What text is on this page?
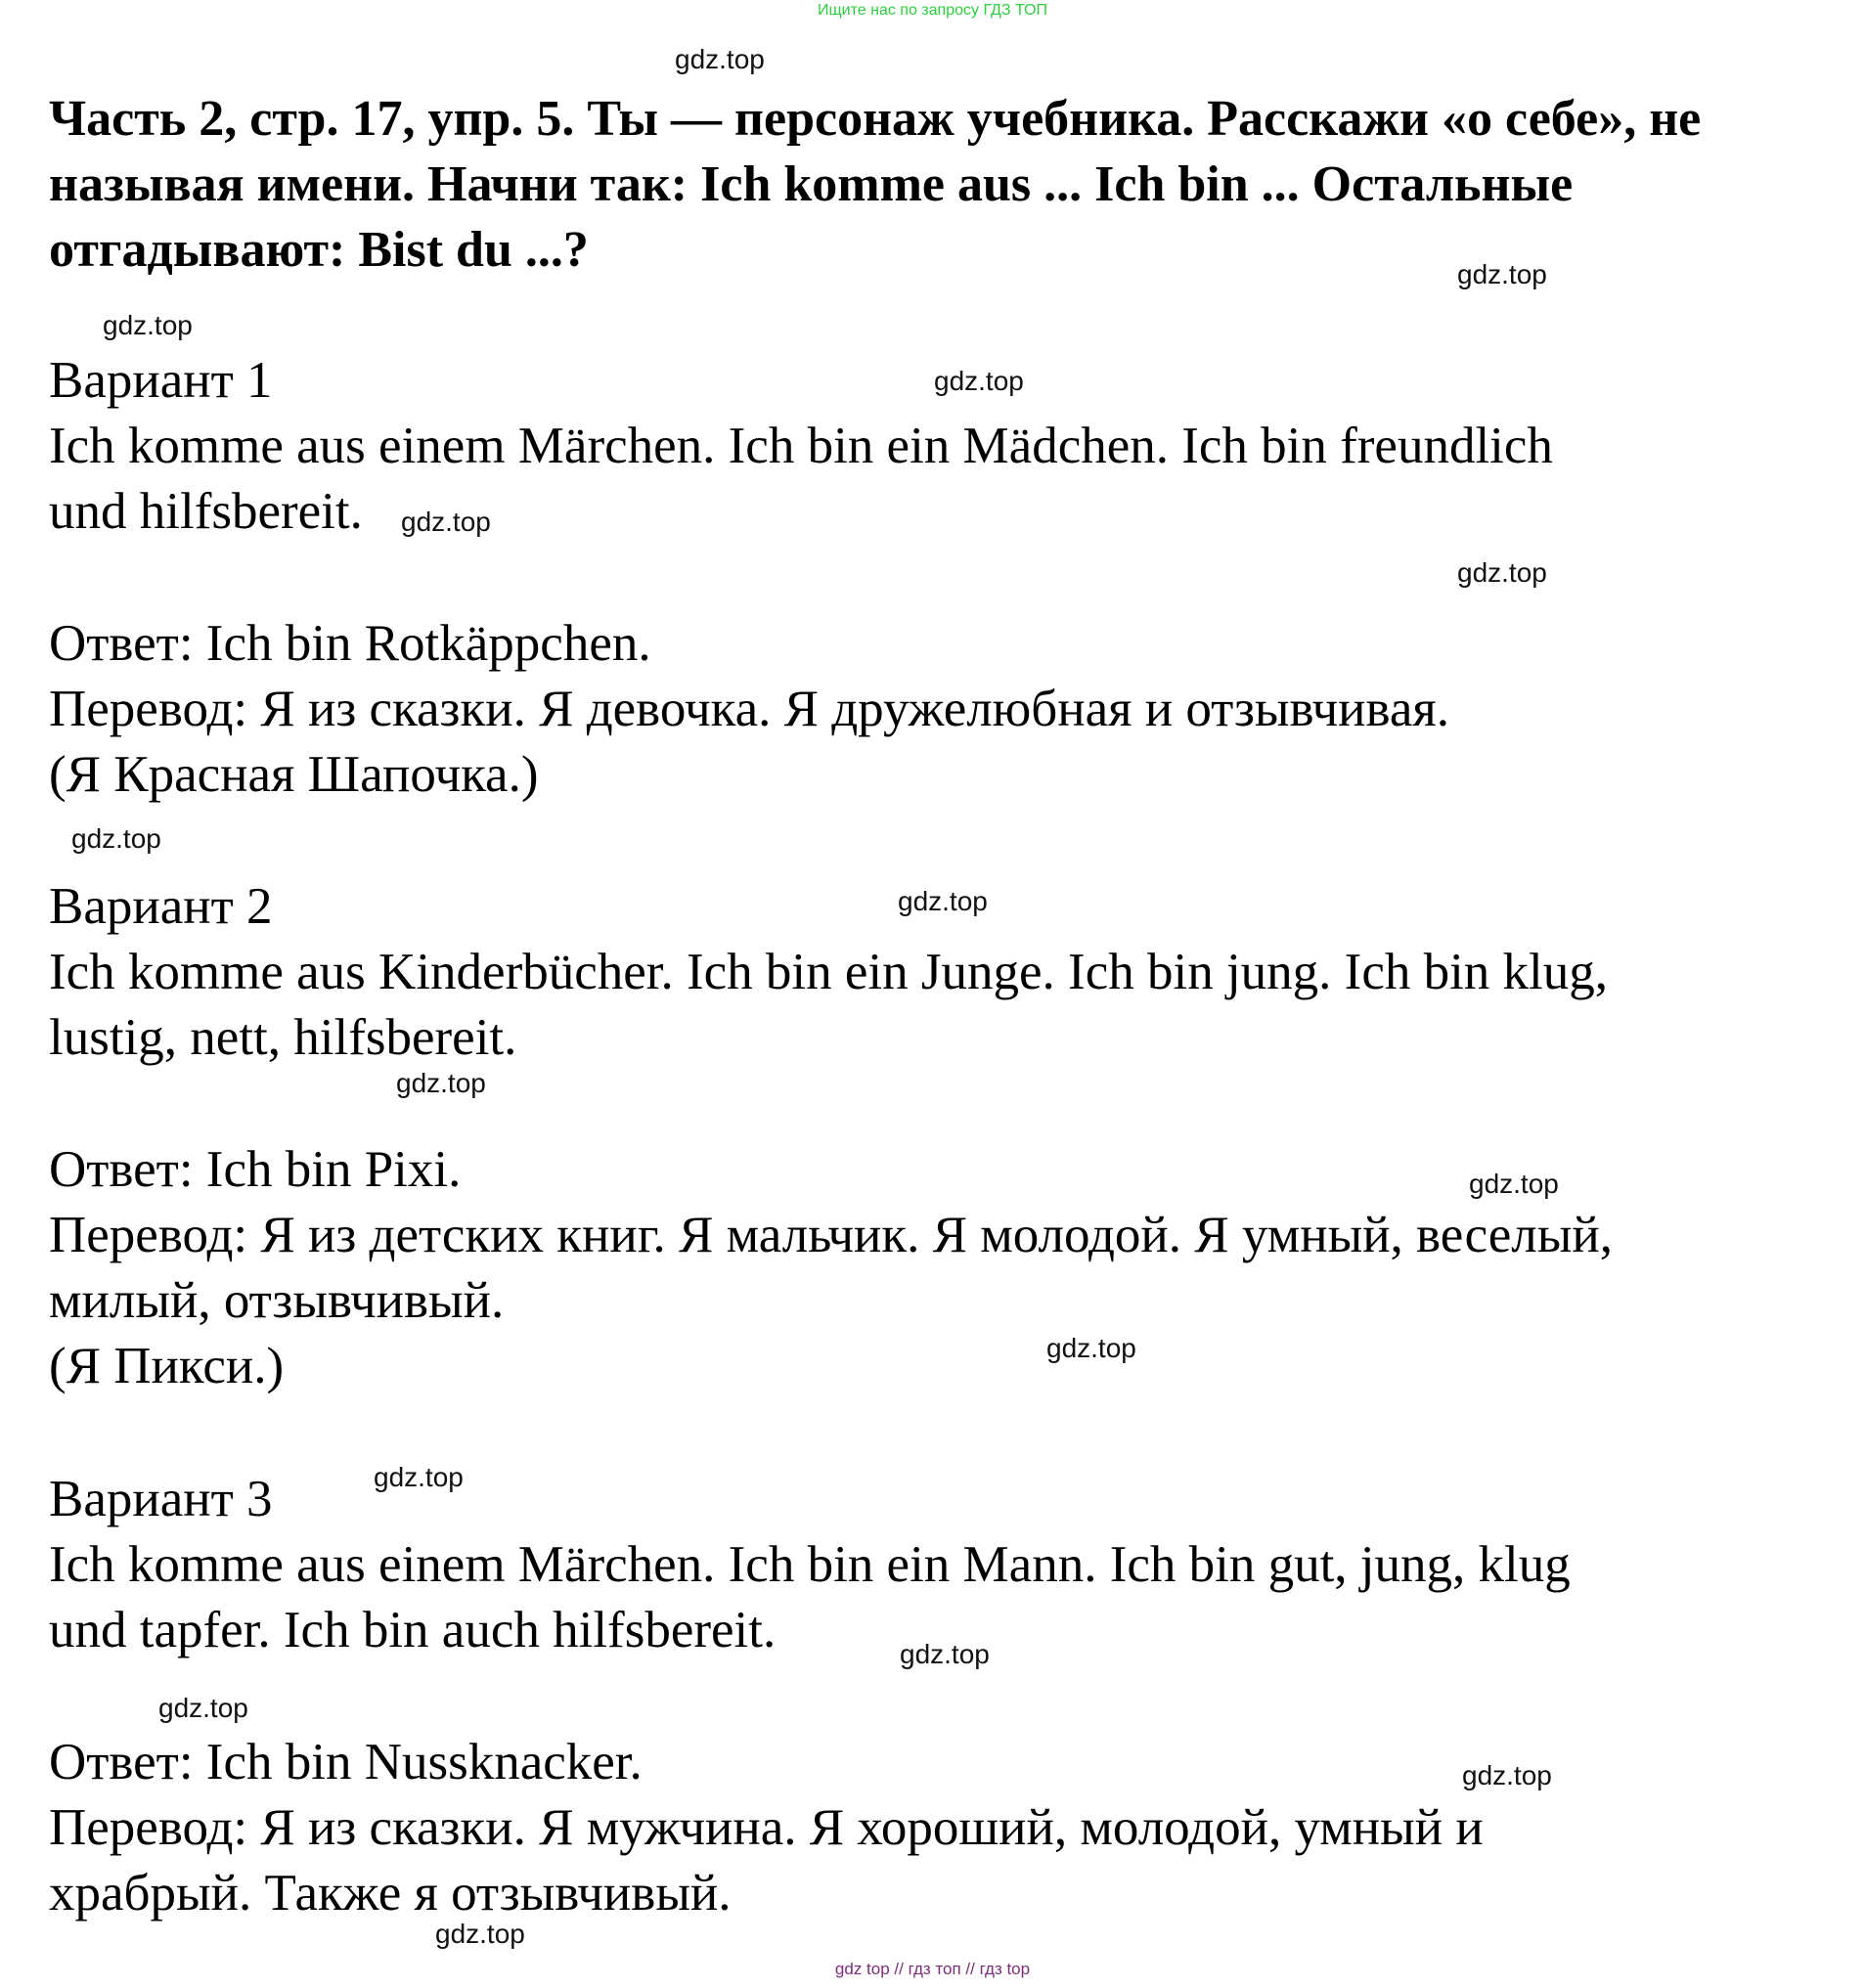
Ищите нас по запросу ГДЗ ТОП
Часть 2, стр. 17, упр. 5. Ты — персонаж учебника. Расскажи «о себе», не называя имени. Начни так: Ich komme aus ... Ich bin ... Остальные отгадывают: Bist du ...?
Вариант 1
Ich komme aus einem Märchen. Ich bin ein Mädchen. Ich bin freundlich
und hilfsbereit.
Ответ: Ich bin Rotkäppchen.
Перевод: Я из сказки. Я девочка. Я дружелюбная и отзывчивая.
(Я Красная Шапочка.)
Вариант 2
Ich komme aus Kinderbücher. Ich bin ein Junge. Ich bin jung. Ich bin klug,
lustig, nett, hilfsbereit.
Ответ: Ich bin Pixi.
Перевод: Я из детских книг. Я мальчик. Я молодой. Я умный, веселый,
милый, отзывчивый.
(Я Пикси.)
Вариант 3
Ich komme aus einem Märchen. Ich bin ein Mann. Ich bin gut, jung, klug
und tapfer. Ich bin auch hilfsbereit.
Ответ: Ich bin Nussknacker.
Перевод: Я из сказки. Я мужчина. Я хороший, молодой, умный и
храбрый. Также я отзывчивый.
gdz.top
gdz.top
gdz.top
gdz.top
gdz.top
gdz.top
gdz.top
gdz.top
gdz.top
gdz.top
gdz.top
gdz.top
gdz.top
gdz.top
gdz.top
gdz.top
gdz top // гдз топ // гдз top
